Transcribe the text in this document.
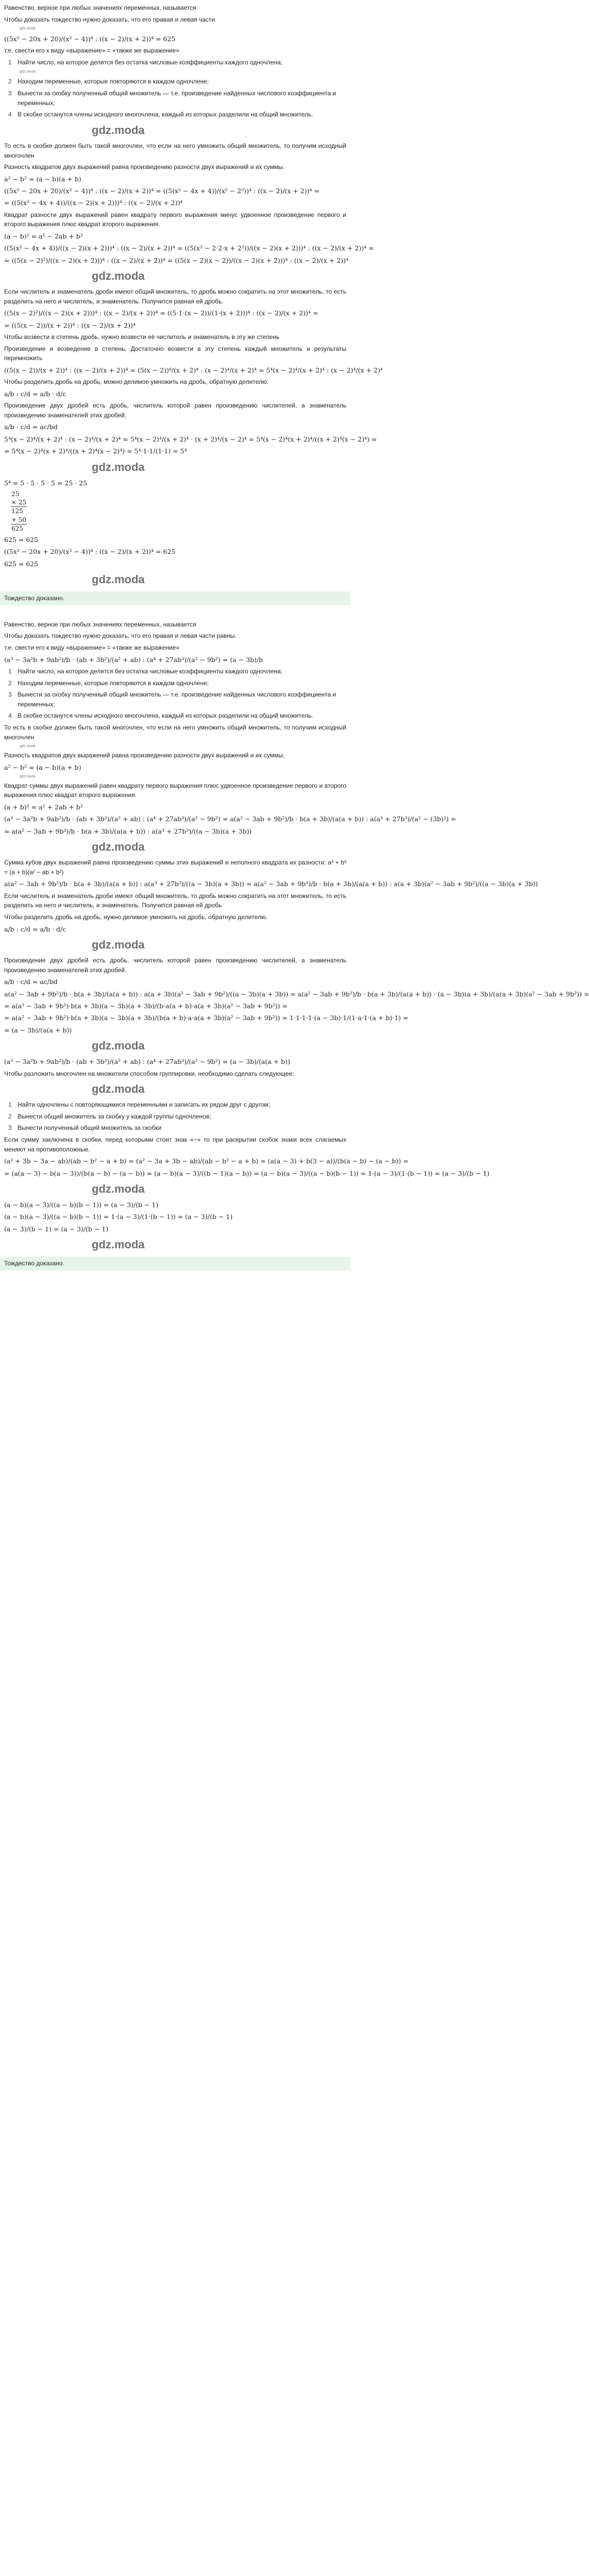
Равенство, верное при любых значениях переменных, называется

Чтобы доказать тождество нужно доказать, что его правая и левая части

gdz.moda

((5x² − 20x + 20)/(x² − 4))⁴ : ((x − 2)/(x + 2))⁴ = 625

т.е. свести его к виду «выражение» = «также же выражение»

1 Найти число, на которое делятся без остатка числовые коэффициенты каждого одночлена;

gdz.moda

2 Находим переменные, которые повторяются в каждом одночлене;
3 Вынести за скобку полученный общий множитель — т.е. произведение найденных числового коэффициента и переменных;
4 В скобке останутся члены исходного многочлена, каждый из которых разделили на общий множитель.

gdz.moda

То есть в скобке должен быть такой многочлен, что если на него умножить общий множитель, то получим исходный многочлен

Разность квадратов двух выражений равна произведению разности двух выражений и их суммы.

a² − b² = (a − b)(a + b)

((5x² − 20x + 20)/(x² − 4))⁴ : ((x − 2)/(x + 2))⁴ = ((5(x² − 4x + 4))/(x² − 2²))⁴ : ((x − 2)/(x + 2))⁴ =

= ((5(x² − 4x + 4))/((x − 2)(x + 2)))⁴ : ((x − 2)/(x + 2))⁴

Квадрат разности двух выражений равен квадрату первого выражения минус удвоенное произведение первого и второго выражения плюс квадрат второго выражения.

(a − b)² = a² − 2ab + b²

((5(x² − 4x + 4))/((x − 2)(x + 2)))⁴ : ((x − 2)/(x + 2))⁴ = ((5(x² − 2·2·x + 2²))/((x − 2)(x + 2)))⁴ : ((x − 2)/(x + 2))⁴ =

= ((5(x − 2)²)/((x − 2)(x + 2)))⁴ : ((x − 2)/(x + 2))⁴ = ((5(x − 2)(x − 2))/((x − 2)(x + 2)))⁴ : ((x − 2)/(x + 2))⁴

gdz.moda

Если числитель и знаменатель дроби имеют общий множитель, то дробь можно сократить на этот множитель, то есть разделить на него и числитель, и знаменатель. Получится равная ей дробь.

((5(x − 2)²)/((x − 2)(x + 2)))⁴ : ((x − 2)/(x + 2))⁴ = ((5·1·(x − 2))/(1·(x + 2)))⁴ : ((x − 2)/(x + 2))⁴ =

= ((5(x − 2))/(x + 2))⁴ : ((x − 2)/(x + 2))⁴

Чтобы возвести в степень дробь, нужно возвести её числитель и знаменатель в эту же степень

Произведение и возведение в степень. Достаточно возвести в эту степень каждый множитель и результаты перемножить

((5(x − 2))/(x + 2))⁴ : ((x − 2)/(x + 2))⁴ = (5(x − 2))⁴/(x + 2)⁴ : (x − 2)⁴/(x + 2)⁴ = 5⁴(x − 2)⁴/(x + 2)⁴ : (x − 2)⁴/(x + 2)⁴

Чтобы разделить дробь на дробь, можно делимое умножить на дробь, обратную делителю.

a/b : c/d = a/b · d/c

Произведение двух дробей есть дробь, числитель которой равен произведению числителей, а знаменатель произведению знаменателей этих дробей.

a/b · c/d = ac/bd

5⁴(x − 2)⁴/(x + 2)⁴ : (x − 2)⁴/(x + 2)⁴ = 5⁴(x − 2)⁴/(x + 2)⁴ · (x + 2)⁴/(x − 2)⁴ = 5⁴(x − 2)⁴(x + 2)⁴/((x + 2)⁴(x − 2)⁴) =

= 5⁴(x − 2)⁴(x + 2)⁴/((x + 2)⁴(x − 2)⁴) = 5⁴·1·1/(1·1) = 5⁴

gdz.moda

5⁴ = 5 · 5 · 5 · 5 = 25 · 25

25
× 25
125
+ 50
625

625 = 625

((5x² − 20x + 20)/(x² − 4))⁴ : ((x − 2)/(x + 2))⁴ = 625

625 = 625

gdz.moda

Тождество доказано.

Равенство, верное при любых значениях переменных, называется

Чтобы доказать тождество нужно доказать, что его правая и левая части равны.

т.е. свести его к виду «выражение» = «также же выражение»

(a³ − 3a²b + 9ab²)/b · (ab + 3b²)/(a² + ab) : (a⁴ + 27ab³)/(a² − 9b²) = (a − 3b)/b

1 Найти число, на которое делятся без остатка числовые коэффициенты каждого одночлена;
2 Находим переменные, которые повторяются в каждом одночлене;
3 Вынести за скобку полученный общий множитель — т.е. произведение найденных числового коэффициента и переменных;
4 В скобке останутся члены исходного многочлена, каждый из которых разделили на общий множитель.

То есть в скобке должен быть такой многочлен, что если на него умножить общий множитель, то получим исходный многочлен

gdz.moda

Разность квадратов двух выражений равна произведению разности двух выражений и их суммы.

a² − b² = (a − b)(a + b)

gdz.moda

Квадрат суммы двух выражений равен квадрату первого выражения плюс удвоенное произведение первого и второго выражения плюс квадрат второго выражения.

(a + b)² = a² + 2ab + b²

(a³ − 3a²b + 9ab²)/b · (ab + 3b²)/(a² + ab) : (a⁴ + 27ab³)/(a² − 9b²) = a(a² − 3ab + 9b²)/b · b(a + 3b)/(a(a + b)) : a(a³ + 27b³)/(a² − (3b)²) =

= a(a² − 3ab + 9b²)/b · b(a + 3b)/(a(a + b)) : a(a³ + 27b³)/((a − 3b)(a + 3b))

gdz.moda

Сумма кубов двух выражений равна произведению суммы этих выражений и неполного квадрата их разности: a³ + b³ = (a + b)(a² − ab + b²)

a(a² − 3ab + 9b²)/b · b(a + 3b)/(a(a + b)) : a(a³ + 27b³)/((a − 3b)(a + 3b)) = a(a² − 3ab + 9b²)/b · b(a + 3b)/(a(a + b)) : a(a + 3b)(a² − 3ab + 9b²)/((a − 3b)(a + 3b))

Если числитель и знаменатель дроби имеют общий множитель, то дробь можно сократить на этот множитель, то есть разделить на него и числитель, и знаменатель. Получится равная ей дробь

Чтобы разделить дробь на дробь, нужно делимое умножить на дробь, обратную делителю.

a/b : c/d = a/b · d/c

gdz.moda

Произведение двух дробей есть дробь, числитель которой равен произведению числителей, а знаменатель произведению знаменателей этих дробей.

a/b · c/d = ac/bd

a(a² − 3ab + 9b²)/b · b(a + 3b)/(a(a + b)) : a(a + 3b)(a² − 3ab + 9b²)/((a − 3b)(a + 3b)) = a(a² − 3ab + 9b²)/b · b(a + 3b)/(a(a + b)) · (a − 3b)(a + 3b)/(a(a + 3b)(a² − 3ab + 9b²)) =

= a(a² − 3ab + 9b²)·b(a + 3b)(a − 3b)(a + 3b)/(b·a(a + b)·a(a + 3b)(a² − 3ab + 9b²)) =

= a(a² − 3ab + 9b²)·b(a + 3b)(a − 3b)(a + 3b)/(b(a + b)·a·a(a + 3b)(a² − 3ab + 9b²)) = 1·1·1·1·(a − 3b)·1/(1·a·1·(a + b)·1) =

= (a − 3b)/(a(a + b))

gdz.moda

(a³ − 3a²b + 9ab²)/b · (ab + 3b²)/(a² + ab) : (a⁴ + 27ab³)/(a² − 9b²) = (a − 3b)/(a(a + b))

Чтобы разложить многочлен на множители способом группировки, необходимо сделать следующее:

gdz.moda

1 Найти одночлены с повторяющимися переменными и записать их рядом друг с другом;
2 Вынести общий множитель за скобку у каждой группы одночленов;
3 Вынести полученный общий множитель за скобки

Если сумму заключена в скобки, перед которыми стоит знак «−» то при раскрытии скобок знаки всех слагаемых меняют на противоположные.

(a² + 3b − 3a − ab)/(ab − b² − a + b) = (a² − 3a + 3b − ab)/(ab − b² − a + b) = (a(a − 3) + b(3 − a))/(b(a − b) − (a − b)) =

= (a(a − 3) − b(a − 3))/(b(a − b) − (a − b)) = (a − b)(a − 3)/((b − 1)(a − b)) = (a − b)(a − 3)/((a − b)(b − 1)) = 1·(a − 3)/(1·(b − 1)) = (a − 3)/(b − 1)

gdz.moda

(a − b)(a − 3)/((a − b)(b − 1)) = (a − 3)/(b − 1)

(a − b)(a − 3)/((a − b)(b − 1)) = 1·(a − 3)/(1·(b − 1)) = (a − 3)/(b − 1)

(a − 3)/(b − 1) = (a − 3)/(b − 1)

gdz.moda

Тождество доказано.
